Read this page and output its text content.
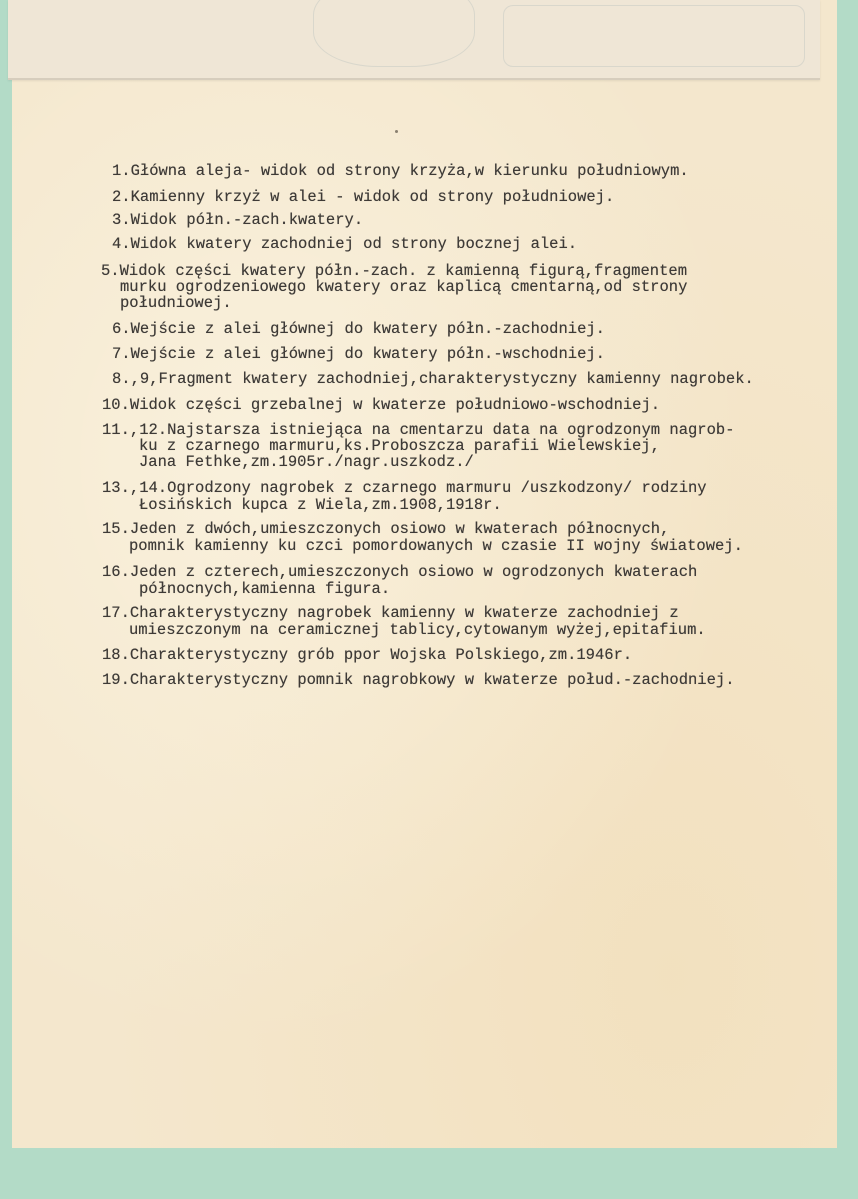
1.Główna aleja- widok od strony krzyża,w kierunku południowym.
2.Kamienny krzyż w alei - widok od strony południowej.
3.Widok półn.-zach.kwatery.
4.Widok kwatery zachodniej od strony bocznej alei.
5.Widok części kwatery półn.-zach. z kamienną figurą,fragmentem
murku ogrodzeniowego kwatery oraz kaplicą cmentarną,od strony
południowej.
6.Wejście z alei głównej do kwatery półn.-zachodniej.
7.Wejście z alei głównej do kwatery półn.-wschodniej.
8.,9,Fragment kwatery zachodniej,charakterystyczny kamienny nagrobek.
10.Widok części grzebalnej w kwaterze południowo-wschodniej.
11.,12.Najstarsza istniejąca na cmentarzu data na ogrodzonym nagrob-
ku z czarnego marmuru,ks.Proboszcza parafii Wielewskiej,
Jana Fethke,zm.1905r./nagr.uszkodz./
13.,14.Ogrodzony nagrobek z czarnego marmuru /uszkodzony/ rodziny
Łosińskich kupca z Wiela,zm.1908,1918r.
15.Jeden z dwóch,umieszczonych osiowo w kwaterach północnych,
pomnik kamienny ku czci pomordowanych w czasie II wojny światowej.
16.Jeden z czterech,umieszczonych osiowo w ogrodzonych kwaterach
północnych,kamienna figura.
17.Charakterystyczny nagrobek kamienny w kwaterze zachodniej z
umieszczonym na ceramicznej tablicy,cytowanym wyżej,epitafium.
18.Charakterystyczny grób ppor Wojska Polskiego,zm.1946r.
19.Charakterystyczny pomnik nagrobkowy w kwaterze połud.-zachodniej.
